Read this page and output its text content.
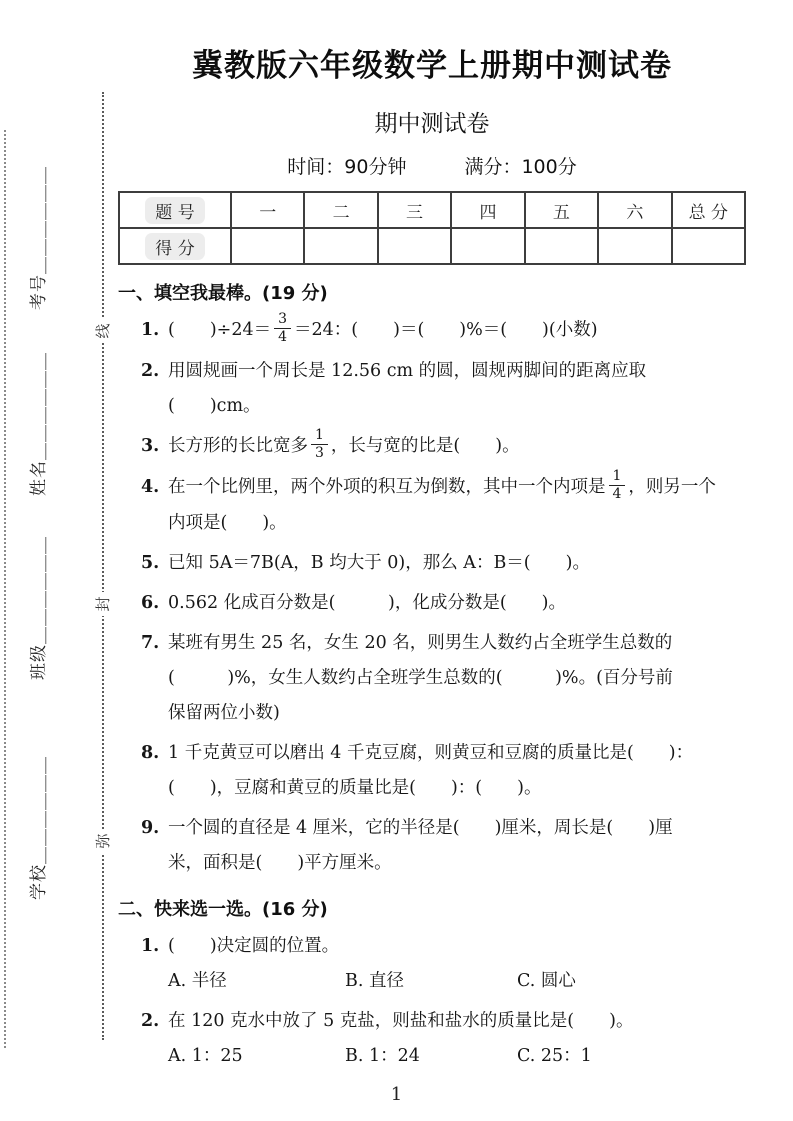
考号＿＿＿＿＿＿
姓名＿＿＿＿＿＿
班级＿＿＿＿＿＿
学校＿＿＿＿＿＿
线
封
弥
冀教版六年级数学上册期中测试卷
期中测试卷
时间：90分钟	满分：100分
题 号	一	二	三	四	五	六	总 分
得 分							
一、填空我最棒。(19 分)
1. (　　)$\div 24= \frac{3}{4} =24$：(　　)＝(　　)%＝(　　)(小数)
2. 用圆规画一个周长是 12.56 cm 的圆，圆规两脚间的距离应取
(　　)cm。
3. 长方形的长比宽多 $\frac{1}{3}$ ，长与宽的比是(　　)。
4. 在一个比例里，两个外项的积互为倒数，其中一个内项是 $\frac{1}{4}$ ，则另一个
内项是(　　)。
5. 已知 5A＝7B(A，B 均大于 0)，那么 A：B＝(　　)。
6. 0.562 化成百分数是(　　　)，化成分数是(　　)。
7. 某班有男生 25 名，女生 20 名，则男生人数约占全班学生总数的
(　　　)%，女生人数约占全班学生总数的(　　　)%。(百分号前
保留两位小数)
8. 1 千克黄豆可以磨出 4 千克豆腐，则黄豆和豆腐的质量比是(　　)：
(　　)，豆腐和黄豆的质量比是(　　)：(　　)。
9. 一个圆的直径是 4 厘米，它的半径是(　　)厘米，周长是(　　)厘
米，面积是(　　)平方厘米。
二、快来选一选。(16 分)
1. (　　)决定圆的位置。
A. 半径	B. 直径	C. 圆心
2. 在 120 克水中放了 5 克盐，则盐和盐水的质量比是(　　)。
A. 1：25	B. 1：24	C. 25：1
1
